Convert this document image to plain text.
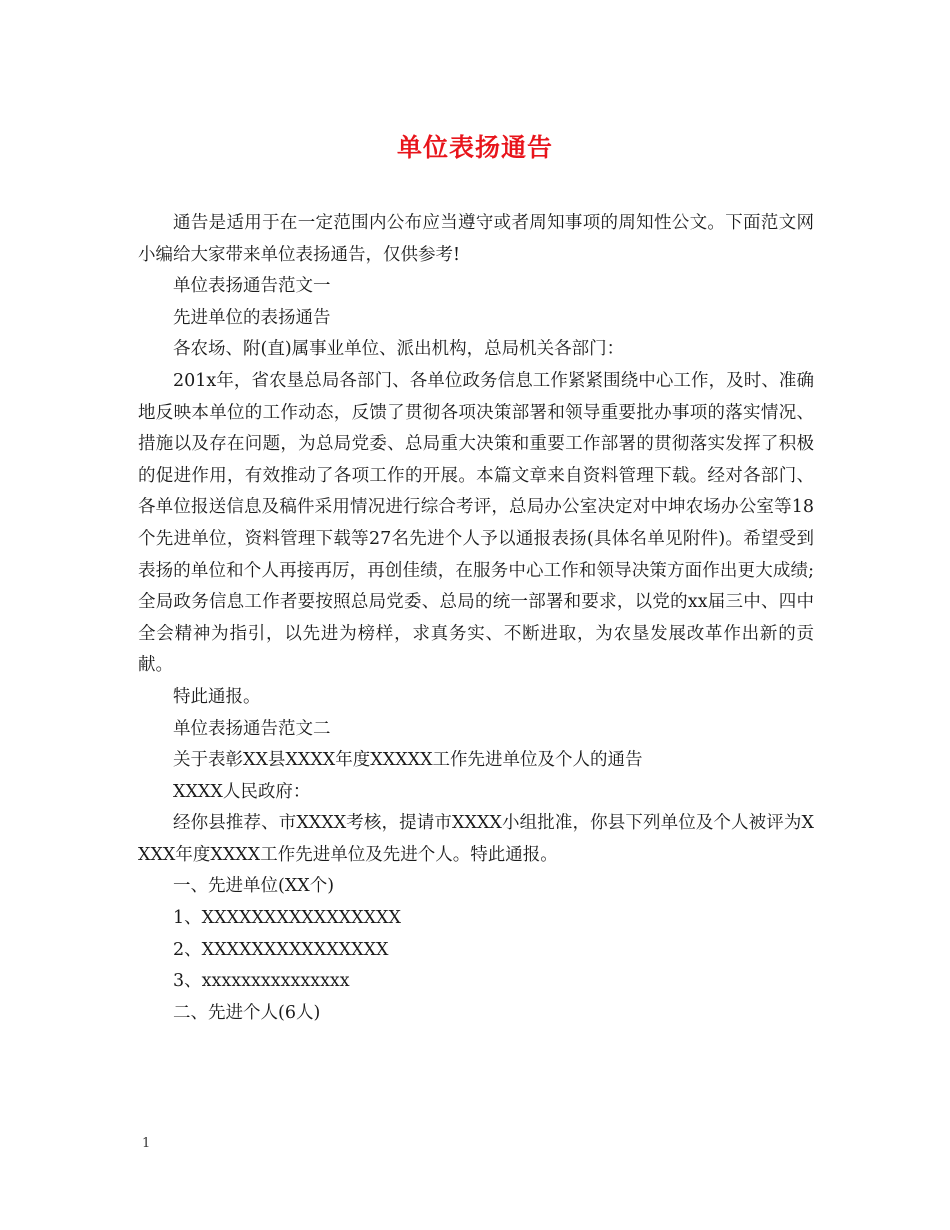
单位表扬通告

通告是适用于在一定范围内公布应当遵守或者周知事项的周知性公文。下面范文网小编给大家带来单位表扬通告，仅供参考!

单位表扬通告范文一

先进单位的表扬通告

各农场、附(直)属事业单位、派出机构，总局机关各部门：

201x年，省农垦总局各部门、各单位政务信息工作紧紧围绕中心工作，及时、准确地反映本单位的工作动态，反馈了贯彻各项决策部署和领导重要批办事项的落实情况、措施以及存在问题，为总局党委、总局重大决策和重要工作部署的贯彻落实发挥了积极的促进作用，有效推动了各项工作的开展。本篇文章来自资料管理下载。经对各部门、各单位报送信息及稿件采用情况进行综合考评，总局办公室决定对中坤农场办公室等18个先进单位，资料管理下载等27名先进个人予以通报表扬(具体名单见附件)。希望受到表扬的单位和个人再接再厉，再创佳绩，在服务中心工作和领导决策方面作出更大成绩;全局政务信息工作者要按照总局党委、总局的统一部署和要求，以党的xx届三中、四中全会精神为指引，以先进为榜样，求真务实、不断进取，为农垦发展改革作出新的贡献。

特此通报。

单位表扬通告范文二

关于表彰XX县XXXX年度XXXXX工作先进单位及个人的通告

XXXX人民政府：

经你县推荐、市XXXX考核，提请市XXXX小组批准，你县下列单位及个人被评为XXXX年度XXXX工作先进单位及先进个人。特此通报。

一、先进单位(XX个)

1、XXXXXXXXXXXXXXXX

2、XXXXXXXXXXXXXXX

3、xxxxxxxxxxxxxxx

二、先进个人(6人)

1
